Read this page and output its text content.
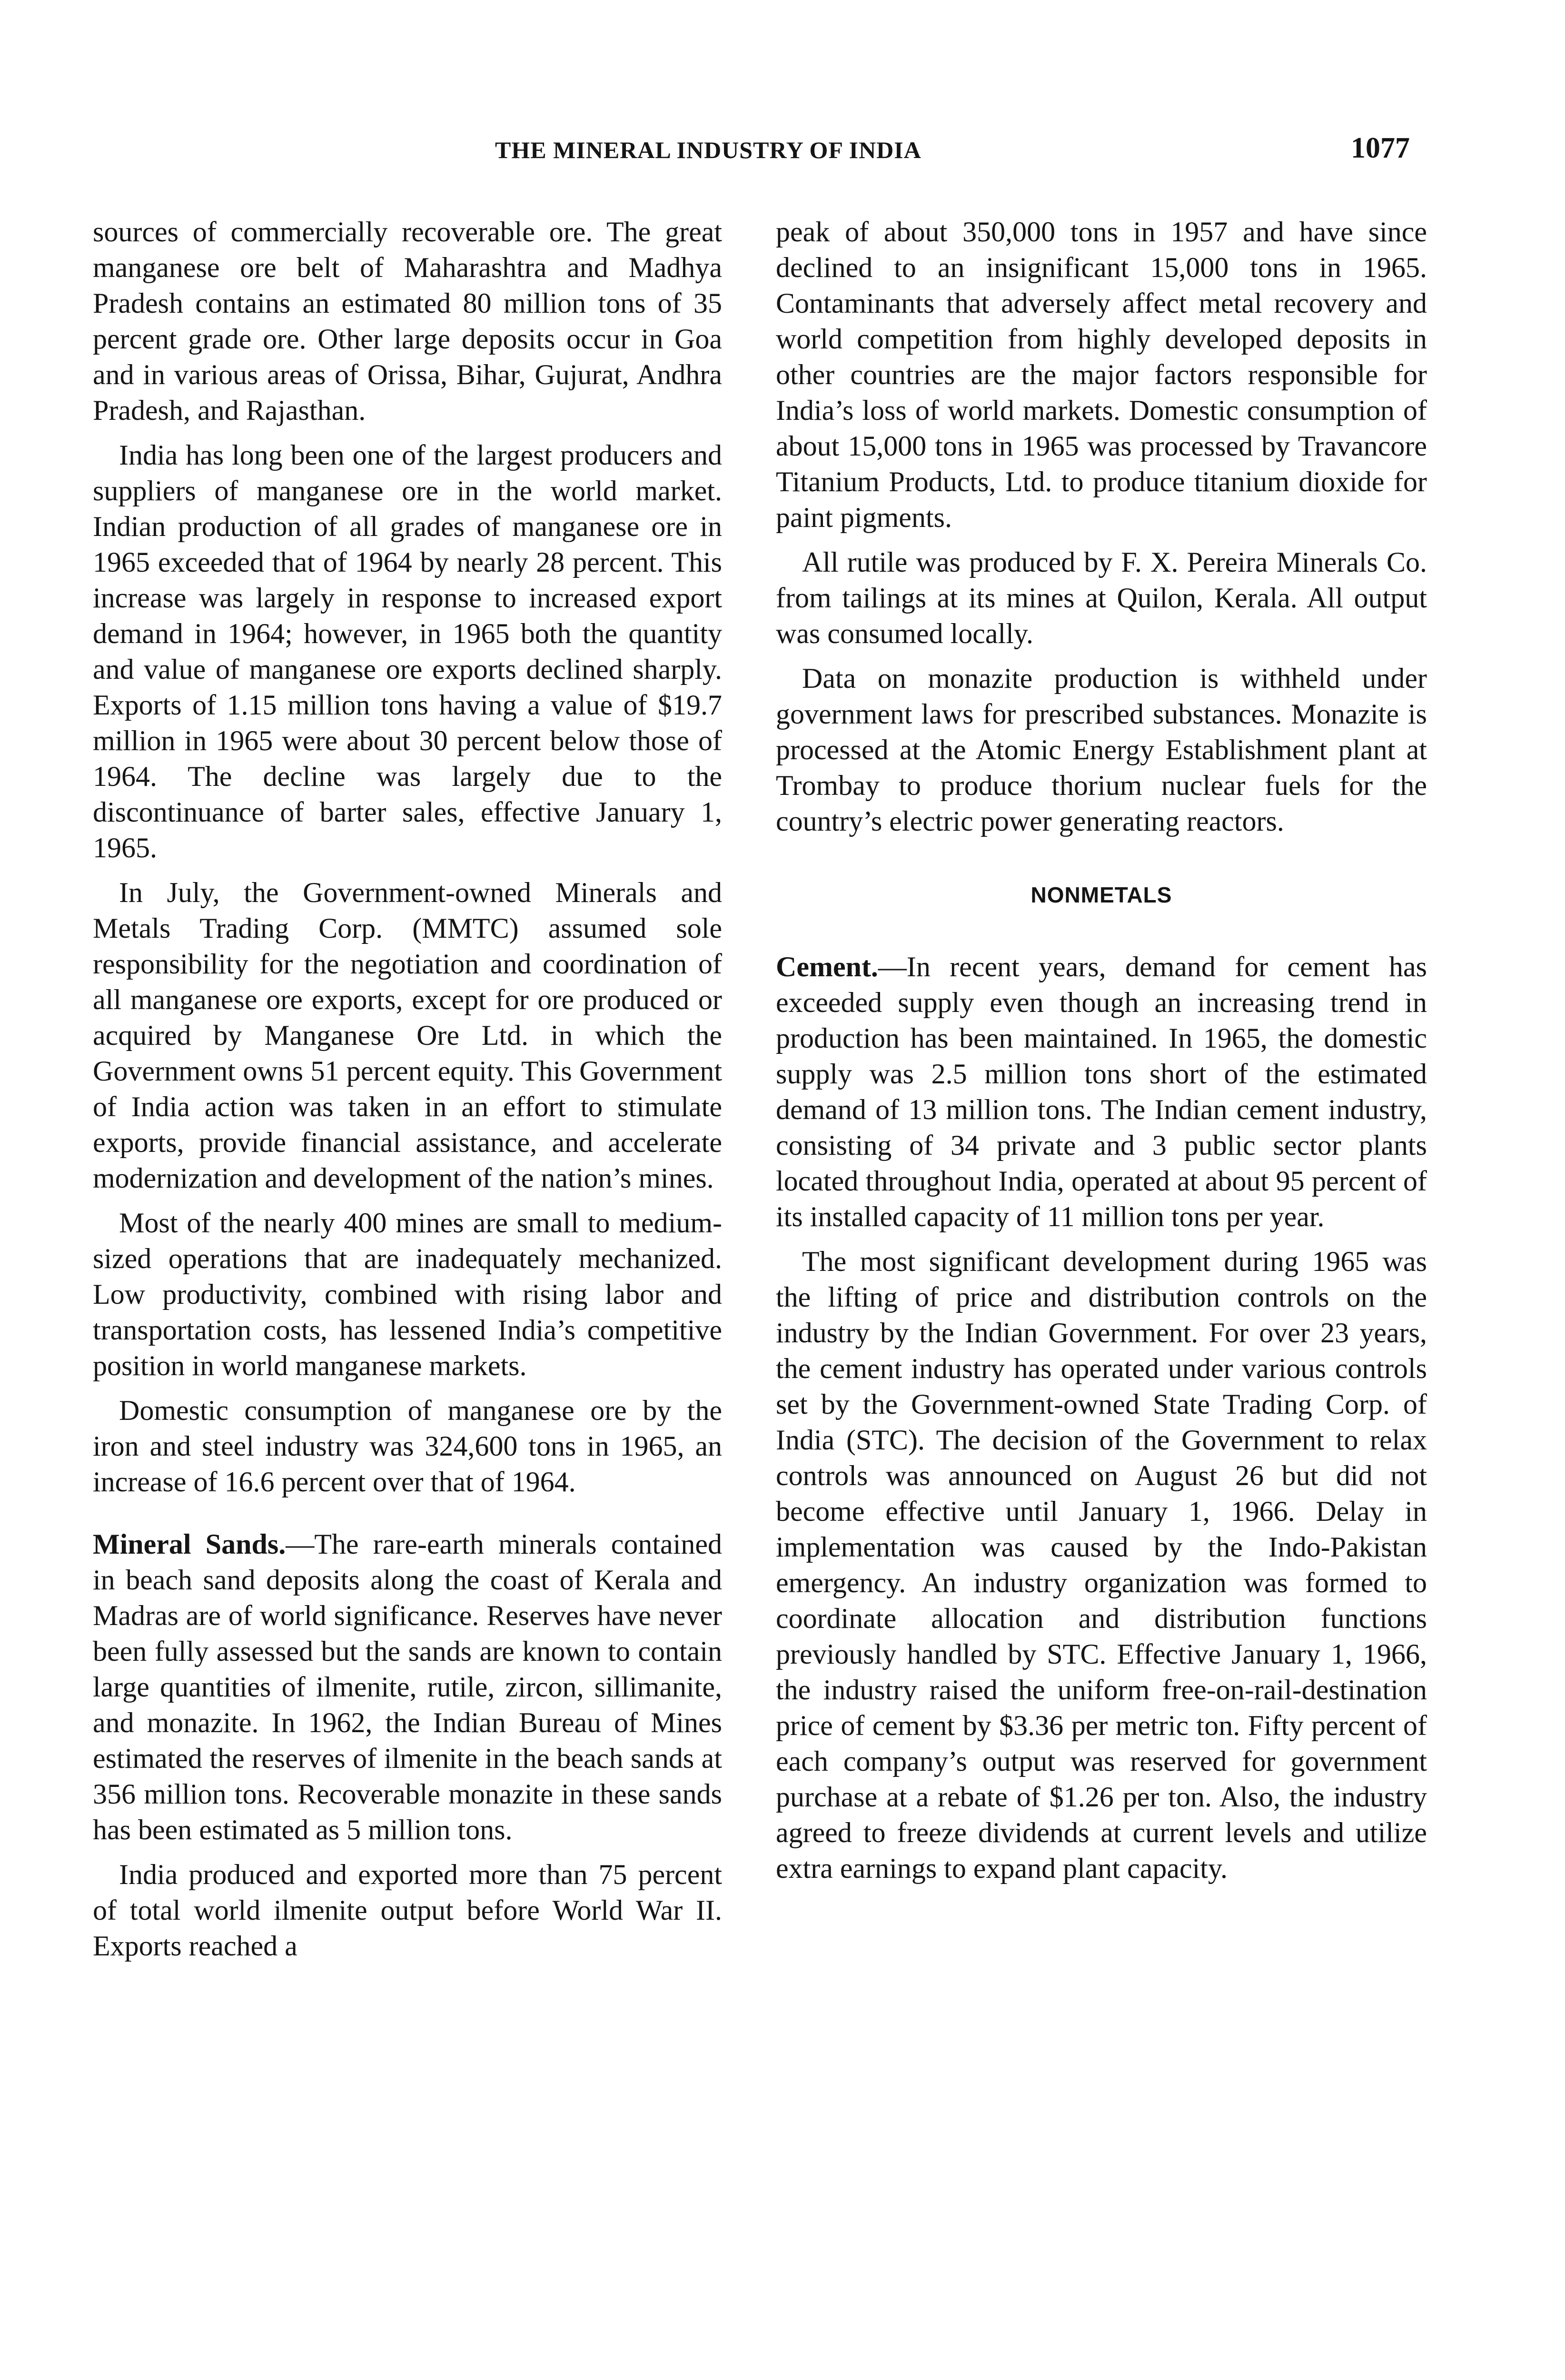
THE MINERAL INDUSTRY OF INDIA	1077

sources of commercially recoverable ore. The great manganese ore belt of Maharashtra and Madhya Pradesh contains an estimated 80 million tons of 35 percent grade ore. Other large deposits occur in Goa and in various areas of Orissa, Bihar, Gujurat, Andhra Pradesh, and Rajasthan.

India has long been one of the largest producers and suppliers of manganese ore in the world market. Indian production of all grades of manganese ore in 1965 exceeded that of 1964 by nearly 28 percent. This increase was largely in response to increased export demand in 1964; however, in 1965 both the quantity and value of manganese ore exports declined sharply. Exports of 1.15 million tons having a value of $19.7 million in 1965 were about 30 percent below those of 1964. The decline was largely due to the discontinuance of barter sales, effective January 1, 1965.

In July, the Government-owned Minerals and Metals Trading Corp. (MMTC) assumed sole responsibility for the negotiation and coordination of all manganese ore exports, except for ore produced or acquired by Manganese Ore Ltd. in which the Government owns 51 percent equity. This Government of India action was taken in an effort to stimulate exports, provide financial assistance, and accelerate modernization and development of the nation’s mines.

Most of the nearly 400 mines are small to medium-sized operations that are inadequately mechanized. Low productivity, combined with rising labor and transportation costs, has lessened India’s competitive position in world manganese markets.

Domestic consumption of manganese ore by the iron and steel industry was 324,600 tons in 1965, an increase of 16.6 percent over that of 1964.

Mineral Sands.—The rare-earth minerals contained in beach sand deposits along the coast of Kerala and Madras are of world significance. Reserves have never been fully assessed but the sands are known to contain large quantities of ilmenite, rutile, zircon, sillimanite, and monazite. In 1962, the Indian Bureau of Mines estimated the reserves of ilmenite in the beach sands at 356 million tons. Recoverable monazite in these sands has been estimated as 5 million tons.

India produced and exported more than 75 percent of total world ilmenite output before World War II. Exports reached a

peak of about 350,000 tons in 1957 and have since declined to an insignificant 15,000 tons in 1965. Contaminants that adversely affect metal recovery and world competition from highly developed deposits in other countries are the major factors responsible for India’s loss of world markets. Domestic consumption of about 15,000 tons in 1965 was processed by Travancore Titanium Products, Ltd. to produce titanium dioxide for paint pigments.

All rutile was produced by F. X. Pereira Minerals Co. from tailings at its mines at Quilon, Kerala. All output was consumed locally.

Data on monazite production is withheld under government laws for prescribed substances. Monazite is processed at the Atomic Energy Establishment plant at Trombay to produce thorium nuclear fuels for the country’s electric power generating reactors.

NONMETALS

Cement.—In recent years, demand for cement has exceeded supply even though an increasing trend in production has been maintained. In 1965, the domestic supply was 2.5 million tons short of the estimated demand of 13 million tons. The Indian cement industry, consisting of 34 private and 3 public sector plants located throughout India, operated at about 95 percent of its installed capacity of 11 million tons per year.

The most significant development during 1965 was the lifting of price and distribution controls on the industry by the Indian Government. For over 23 years, the cement industry has operated under various controls set by the Government-owned State Trading Corp. of India (STC). The decision of the Government to relax controls was announced on August 26 but did not become effective until January 1, 1966. Delay in implementation was caused by the Indo-Pakistan emergency. An industry organization was formed to coordinate allocation and distribution functions previously handled by STC. Effective January 1, 1966, the industry raised the uniform free-on-rail-destination price of cement by $3.36 per metric ton. Fifty percent of each company’s output was reserved for government purchase at a rebate of $1.26 per ton. Also, the industry agreed to freeze dividends at current levels and utilize extra earnings to expand plant capacity.
